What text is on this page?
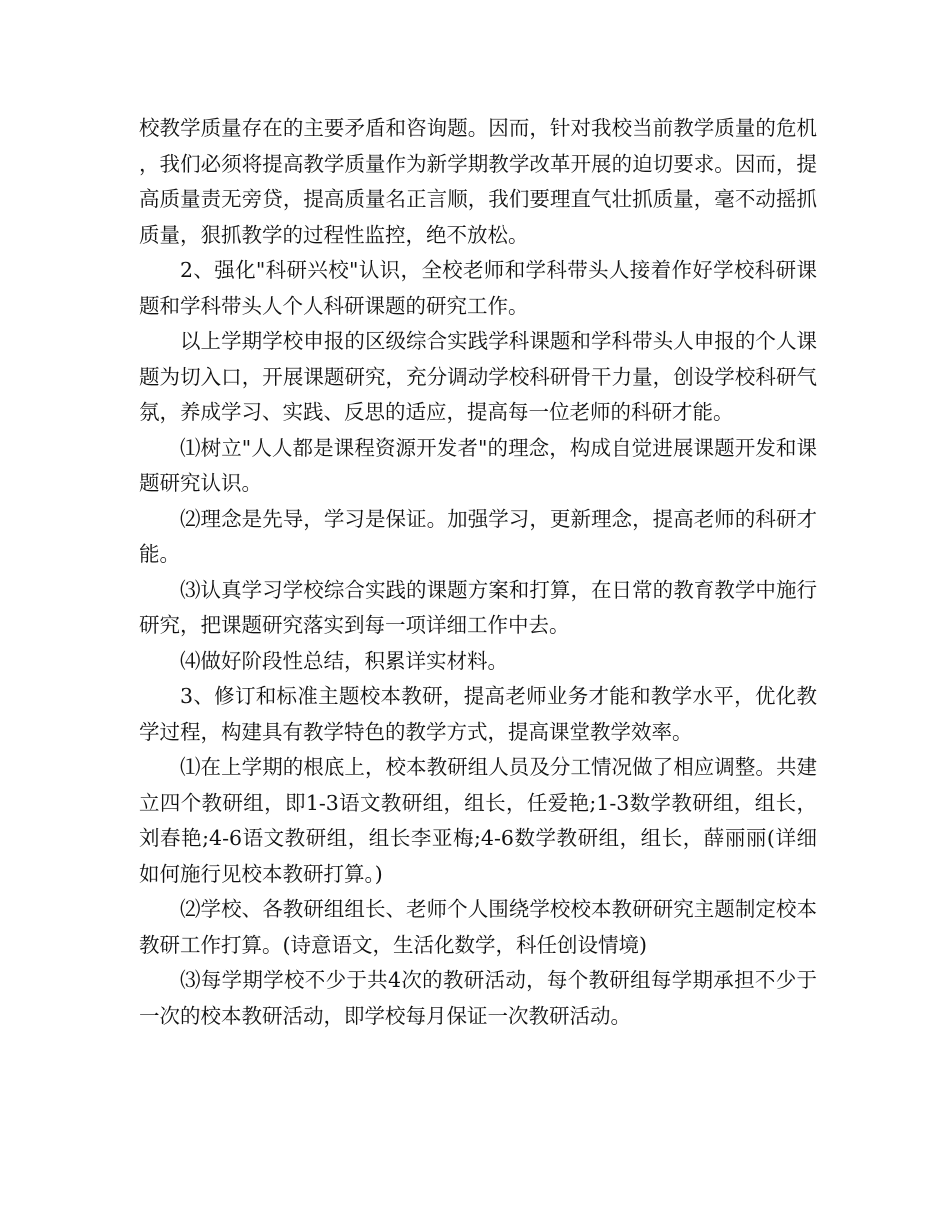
校教学质量存在的主要矛盾和咨询题。因而，针对我校当前教学质量的危机，我们必须将提高教学质量作为新学期教学改革开展的迫切要求。因而，提高质量责无旁贷，提高质量名正言顺，我们要理直气壮抓质量，毫不动摇抓质量，狠抓教学的过程性监控，绝不放松。

2、强化"科研兴校"认识，全校老师和学科带头人接着作好学校科研课题和学科带头人个人科研课题的研究工作。

以上学期学校申报的区级综合实践学科课题和学科带头人申报的个人课题为切入口，开展课题研究，充分调动学校科研骨干力量，创设学校科研气氛，养成学习、实践、反思的适应，提高每一位老师的科研才能。

⑴树立"人人都是课程资源开发者"的理念，构成自觉进展课题开发和课题研究认识。

⑵理念是先导，学习是保证。加强学习，更新理念，提高老师的科研才能。

⑶认真学习学校综合实践的课题方案和打算，在日常的教育教学中施行研究，把课题研究落实到每一项详细工作中去。

⑷做好阶段性总结，积累详实材料。

3、修订和标准主题校本教研，提高老师业务才能和教学水平，优化教学过程，构建具有教学特色的教学方式，提高课堂教学效率。

⑴在上学期的根底上，校本教研组人员及分工情况做了相应调整。共建立四个教研组，即1-3语文教研组，组长，任爱艳;1-3数学教研组，组长，刘春艳;4-6语文教研组，组长李亚梅;4-6数学教研组，组长，薛丽丽(详细如何施行见校本教研打算。)

⑵学校、各教研组组长、老师个人围绕学校校本教研研究主题制定校本教研工作打算。(诗意语文，生活化数学，科任创设情境)

⑶每学期学校不少于共4次的教研活动，每个教研组每学期承担不少于一次的校本教研活动，即学校每月保证一次教研活动。
